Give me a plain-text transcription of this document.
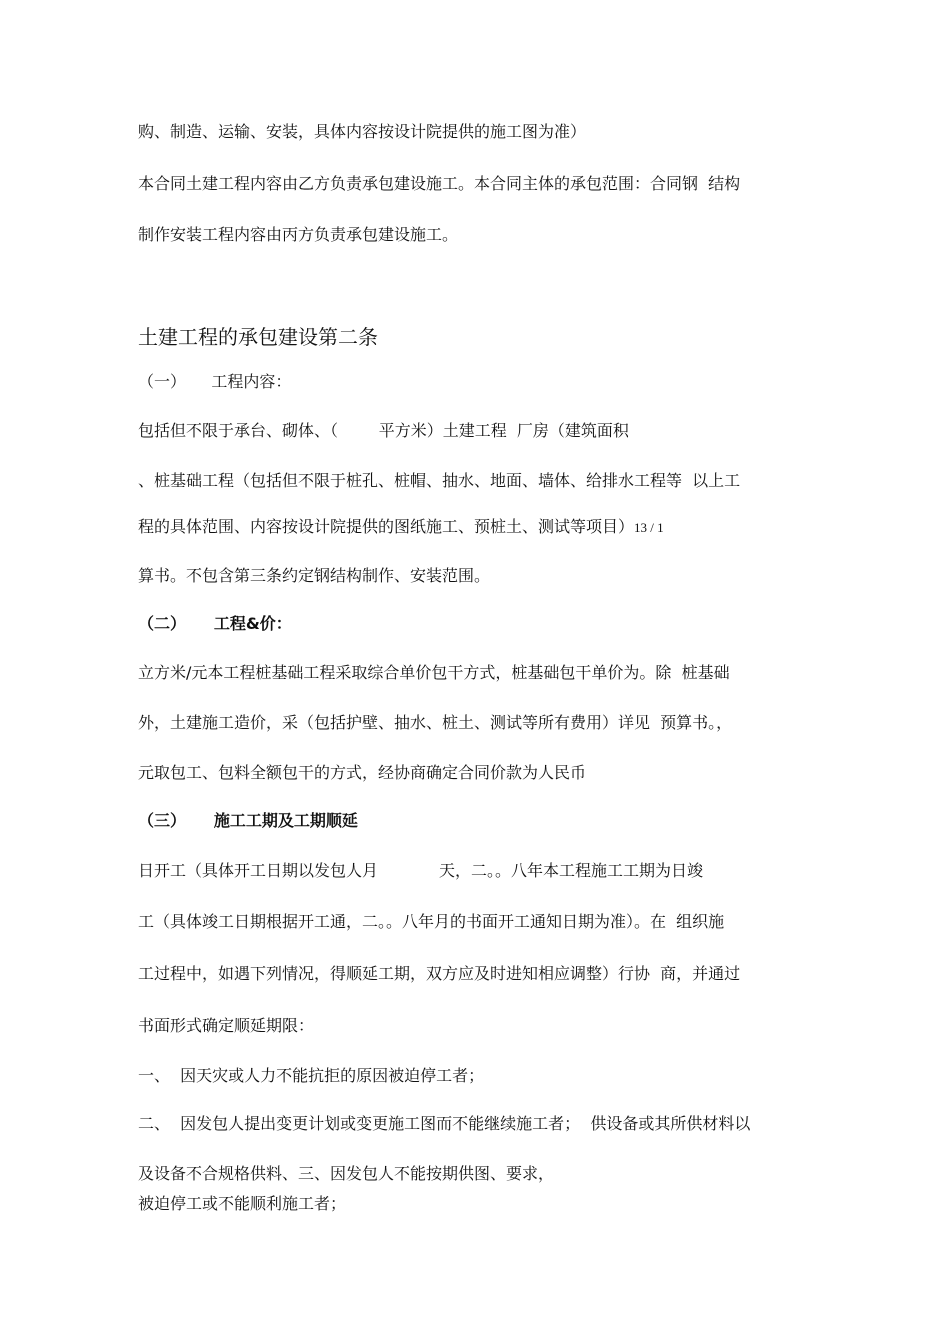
购、制造、运输、安装，具体内容按设计院提供的施工图为准）
本合同土建工程内容由乙方负责承包建设施工。本合同主体的承包范围：合同钢  结构
制作安装工程内容由丙方负责承包建设施工。
土建工程的承包建设第二条
（一）     工程内容：
包括但不限于承台、砌体、（        平方米）土建工程  厂房（建筑面积
、桩基础工程（包括但不限于桩孔、桩帽、抽水、地面、墙体、给排水工程等  以上工
程的具体范围、内容按设计院提供的图纸施工、预桩土、测试等项目）13 / 1
算书。不包含第三条约定钢结构制作、安装范围。
（二）     工程&价：
立方米/元本工程桩基础工程采取综合单价包干方式，桩基础包干单价为。除  桩基础
外，土建施工造价，采（包括护壁、抽水、桩土、测试等所有费用）详见  预算书。，
元取包工、包料全额包干的方式，经协商确定合同价款为人民币
（三）     施工工期及工期顺延
日开工（具体开工日期以发包人月            天，二。。八年本工程施工工期为日竣
工（具体竣工日期根据开工通，二。。八年月的书面开工通知日期为准）。在  组织施
工过程中，如遇下列情况，得顺延工期，双方应及时进知相应调整）行协  商，并通过
书面形式确定顺延期限：
一、  因天灾或人力不能抗拒的原因被迫停工者；
二、  因发包人提出变更计划或变更施工图而不能继续施工者；  供设备或其所供材料以
及设备不合规格供料、三、因发包人不能按期供图、要求，
被迫停工或不能顺利施工者；
